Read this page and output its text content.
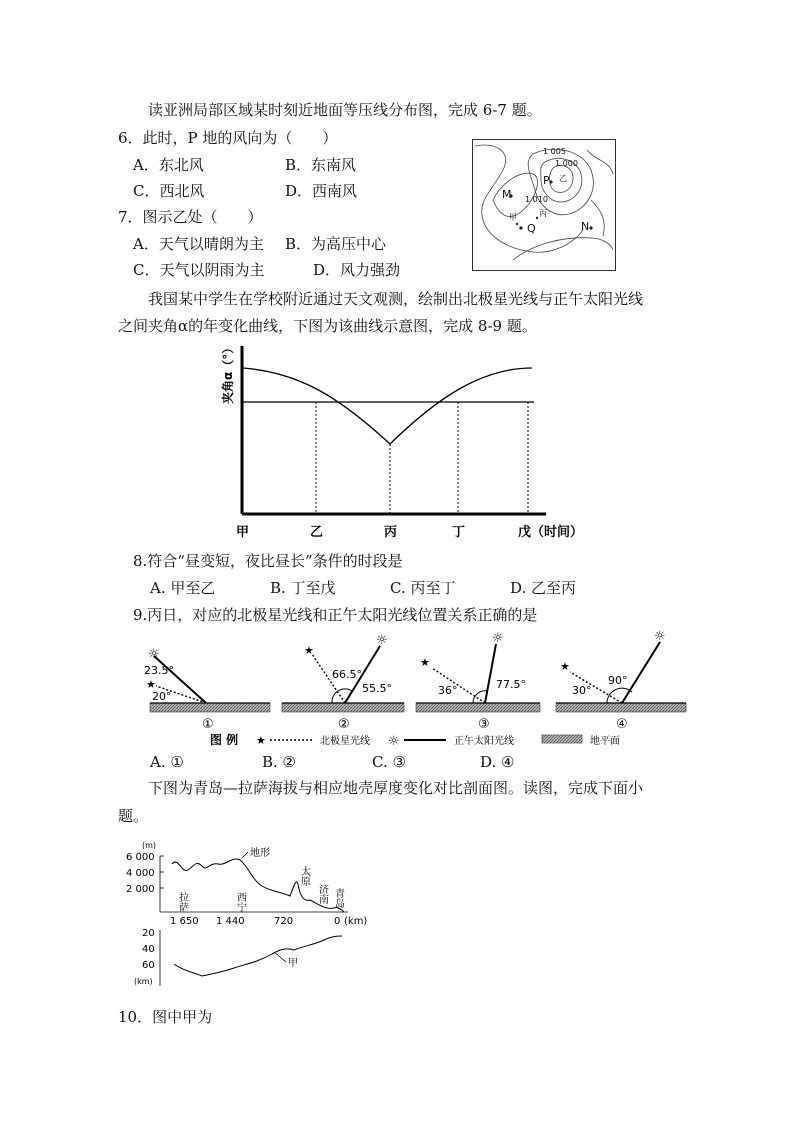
读亚洲局部区域某时刻近地面等压线分布图，完成 6-7 题。
6．此时，P 地的风向为（　　）
A．东北风	B．东南风
C．西北风	D．西南风
7．图示乙处（　　）
A．天气以晴朗为主 B．为高压中心
C．天气以阴雨为主	D．风力强劲
M
P
Q	N
乙
甲	丙
1 005
1 000
1 010
我国某中学生在学校附近通过天文观测，绘制出北极星光线与正午太阳光线
之间夹角α的年变化曲线，下图为该曲线示意图，完成 8-9 题。
夹角α（°）
甲	乙	丙	丁	戊（时间）
8.符合“昼变短，夜比昼长”条件的时段是
A. 甲至乙	B. 丁至戊	C. 丙至丁	D. 乙至丙
9.丙日，对应的北极星光线和正午太阳光线位置关系正确的是
☼
★
23.5°
20°
①
☼
★
66.5°
55.5°
②
☼
★
36°	77.5°
③
☼
★
30°
90°
④
图 例 ★	北极星光线 ☼	正午太阳光线	地平面
A. ①	B. ②	C. ③	D. ④
下图为青岛—拉萨海拔与相应地壳厚度变化对比剖面图。读图，完成下面小
题。
(m)
6 000
4 000
2 000
地形
拉萨	西宁
太原
济南 青岛
1 650 1 440	720	0 (km)
20
40
60
(km)
甲
10．图中甲为
